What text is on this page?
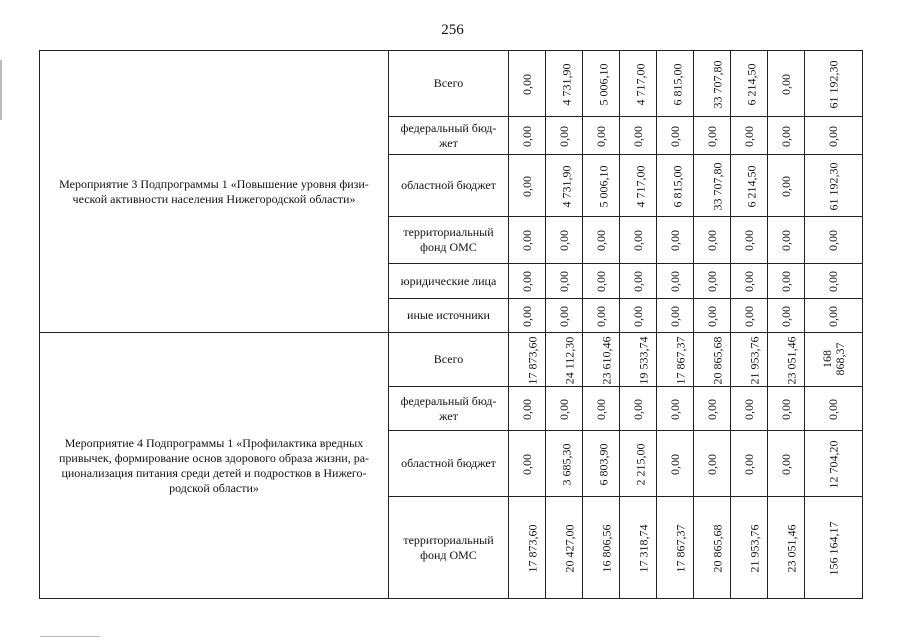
256
Мероприятие 3 Подпрограммы 1 «Повышение уровня физи-ческой активности населения Нижегородской области»	Всего	0,00	4 731,90	5 006,10	4 717,00	6 815,00	33 707,80	6 214,50	0,00	61 192,30
	федеральный бюд-жет	0,00	0,00	0,00	0,00	0,00	0,00	0,00	0,00	0,00
	областной бюджет	0,00	4 731,90	5 006,10	4 717,00	6 815,00	33 707,80	6 214,50	0,00	61 192,30
	территориальный фонд ОМС	0,00	0,00	0,00	0,00	0,00	0,00	0,00	0,00	0,00
	юридические лица	0,00	0,00	0,00	0,00	0,00	0,00	0,00	0,00	0,00
	иные источники	0,00	0,00	0,00	0,00	0,00	0,00	0,00	0,00	0,00
Мероприятие 4 Подпрограммы 1 «Профилактика вредных привычек, формирование основ здорового образа жизни, ра-ционализация питания среди детей и подростков в Нижего-родской области»	Всего	17 873,60	24 112,30	23 610,46	19 533,74	17 867,37	20 865,68	21 953,76	23 051,46	168 868,37
	федеральный бюд-жет	0,00	0,00	0,00	0,00	0,00	0,00	0,00	0,00	0,00
	областной бюджет	0,00	3 685,30	6 803,90	2 215,00	0,00	0,00	0,00	0,00	12 704,20
	территориальный фонд ОМС	17 873,60	20 427,00	16 806,56	17 318,74	17 867,37	20 865,68	21 953,76	23 051,46	156 164,17
